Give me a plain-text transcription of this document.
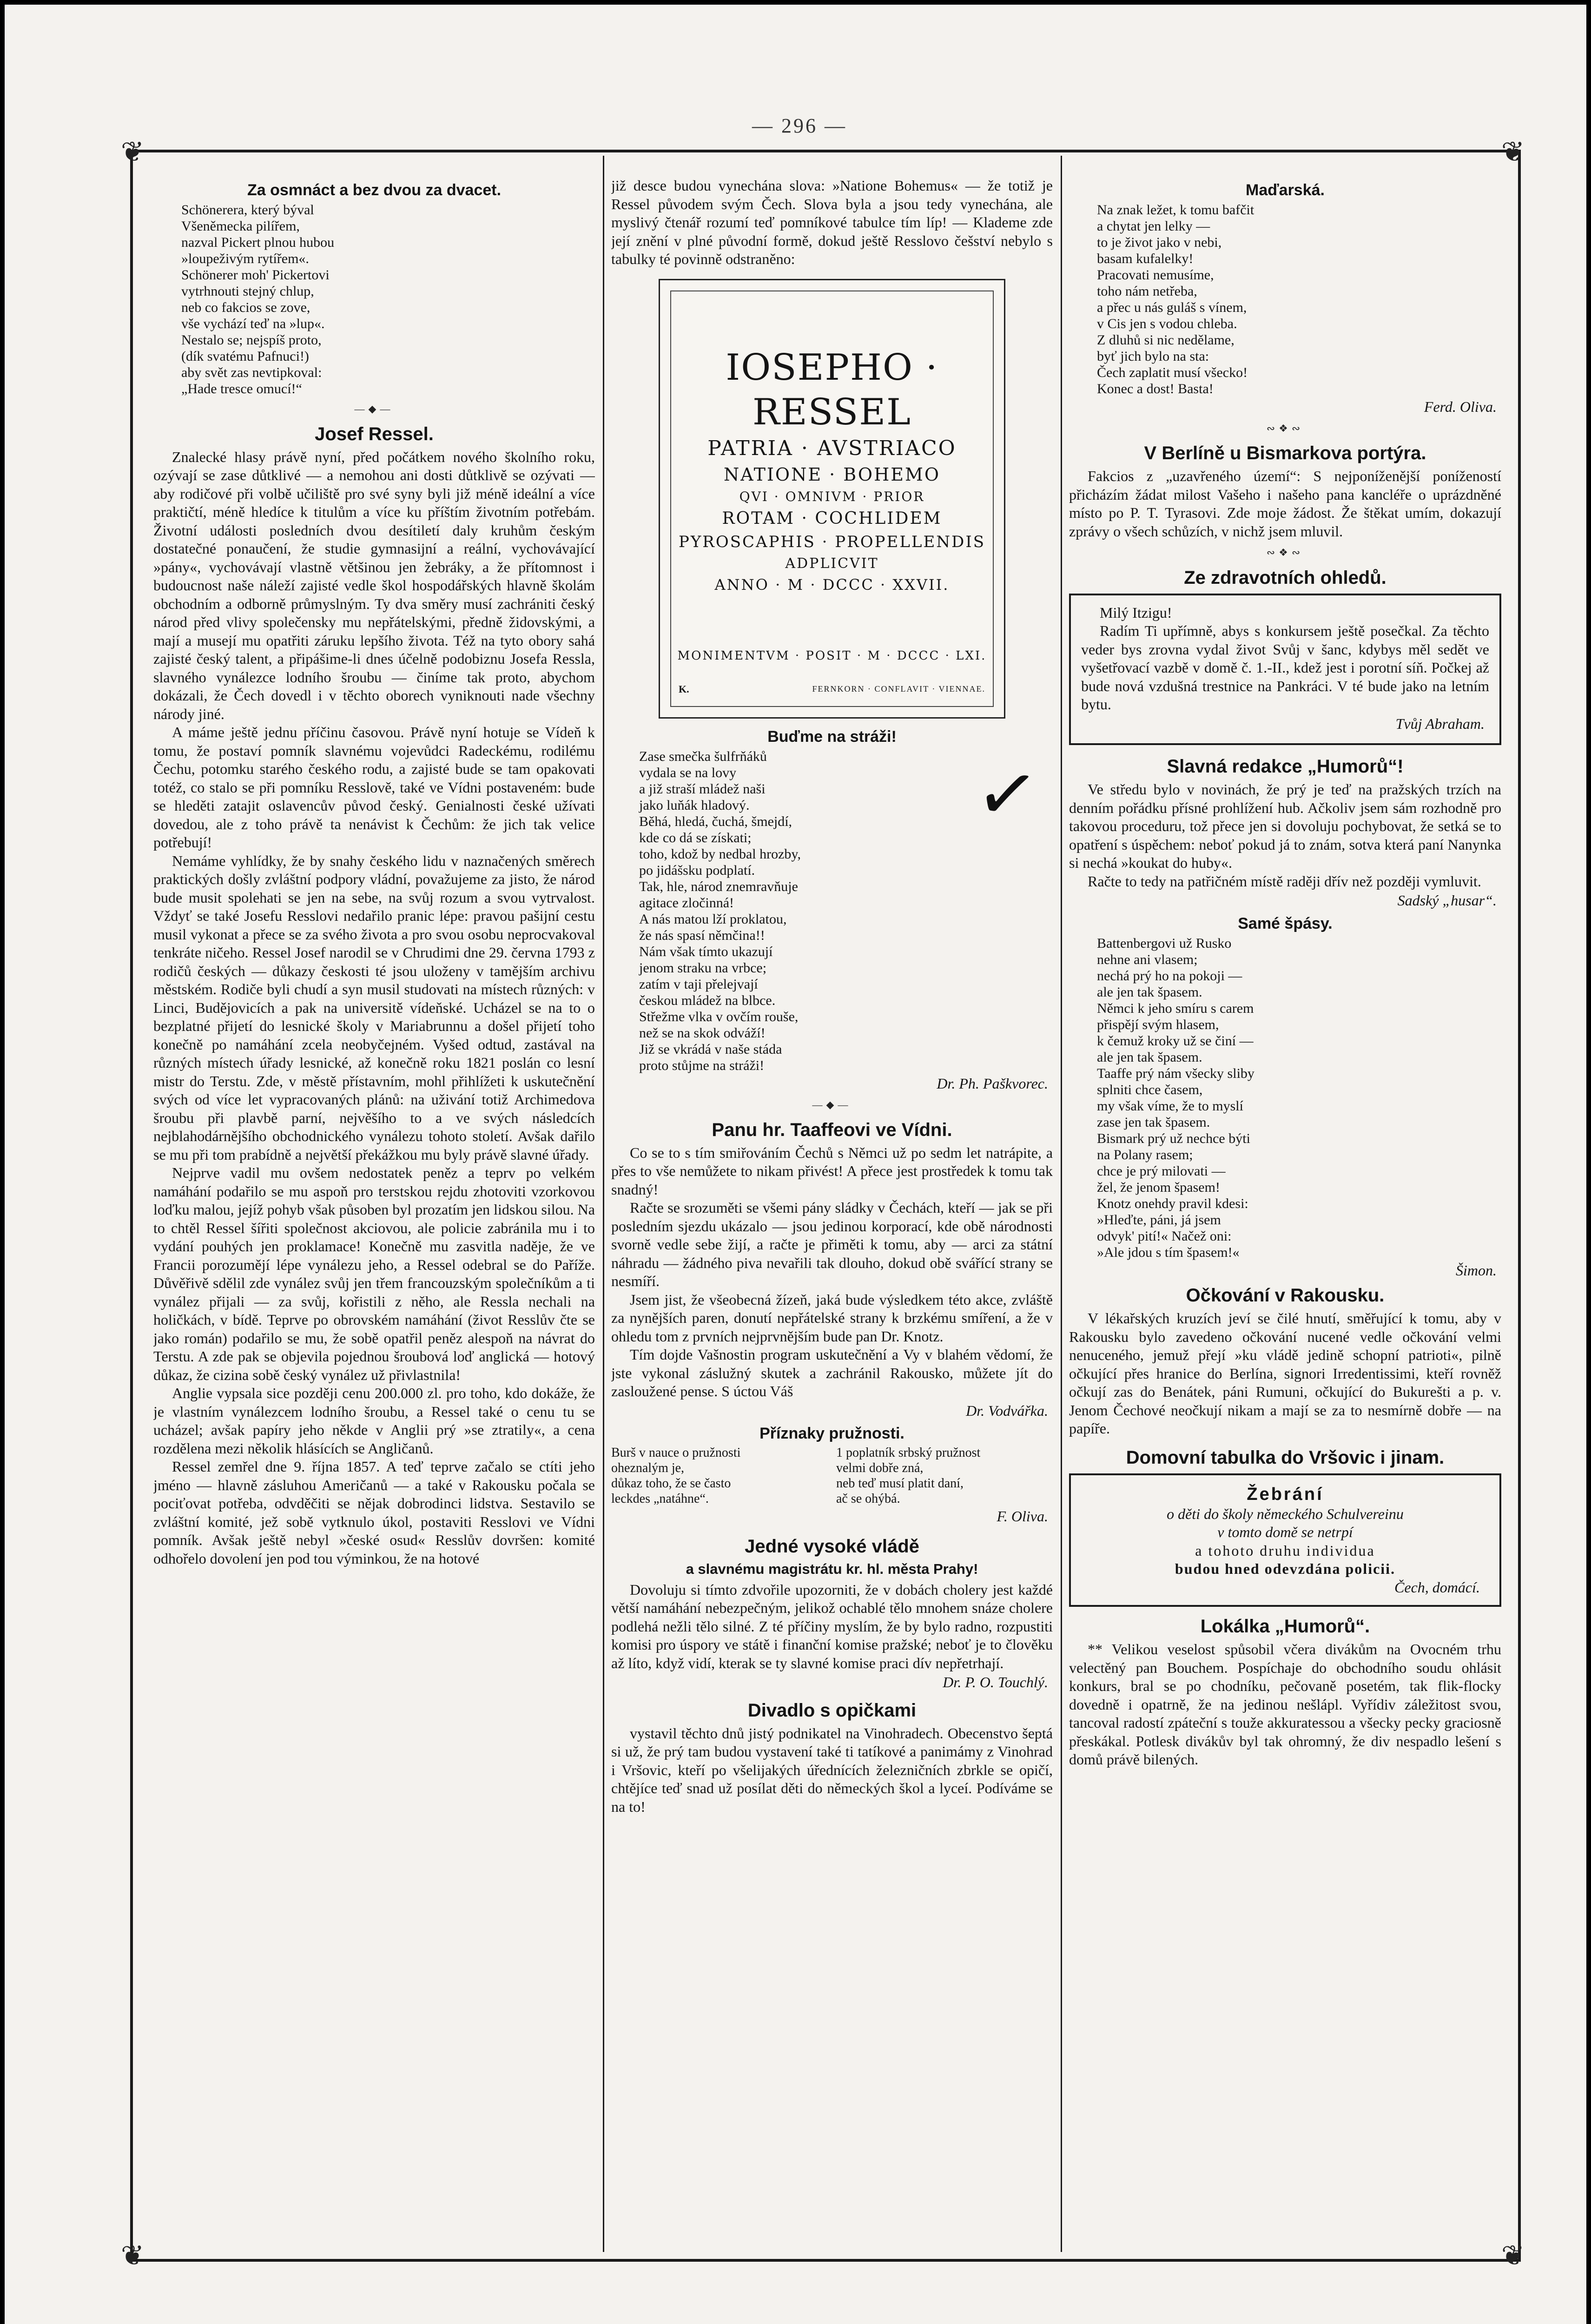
— 296 —
❦	❦
❦	❦
Za osmnáct a bez dvou za dvacet.
Schönerera, který býval
Všeněmecka pilířem,
nazval Pickert plnou hubou
»loupeživým rytířem«.
Schönerer moh' Pickertovi
vytrhnouti stejný chlup,
neb co fakcios se zove,
vše vychází teď na »lup«.
Nestalo se; nejspíš proto,
(dík svatému Pafnuci!)
aby svět zas nevtipkoval:
„Hade tresce omucí!“
—◆—
Josef Ressel.

Znalecké hlasy právě nyní, před počátkem nového školního roku, ozývají se zase důtklivé — a nemohou ani dosti důtklivě se ozývati — aby rodičové při volbě učiliště pro své syny byli již méně ideální a více praktičtí, méně hledíce k titulům a více ku příštím životním potřebám. Životní události posledních dvou desítiletí daly kruhům českým dostatečné ponaučení, že studie gymnasijní a reální, vychovávající »pány«, vychovávají vlastně většinou jen žebráky, a že přítomnost i budoucnost naše náleží zajisté vedle škol hospodářských hlavně školám obchodním a odborně průmyslným. Ty dva směry musí zachrániti český národ před vlivy společensky mu nepřátelskými, předně židovskými, a mají a musejí mu opatřiti záruku lepšího života. Též na tyto obory sahá zajisté český talent, a připášime-li dnes účelně podobiznu Josefa Ressla, slavného vynálezce lodního šroubu — činíme tak proto, abychom dokázali, že Čech dovedl i v těchto oborech vyniknouti nade všechny národy jiné.

A máme ještě jednu příčinu časovou. Právě nyní hotuje se Vídeň k tomu, že postaví pomník slavnému vojevůdci Radeckému, rodilému Čechu, potomku starého českého rodu, a zajisté bude se tam opakovati totéž, co stalo se při pomníku Resslově, také ve Vídni postaveném: bude se hleděti zatajit oslavencův původ český. Genialnosti české užívati dovedou, ale z toho právě ta nenávist k Čechům: že jich tak velice potřebují!

Nemáme vyhlídky, že by snahy českého lidu v naznačených směrech praktických došly zvláštní podpory vládní, považujeme za jisto, že národ bude musit spolehati se jen na sebe, na svůj rozum a svou vytrvalost. Vždyť se také Josefu Resslovi nedařilo pranic lépe: pravou pašijní cestu musil vykonat a přece se za svého života a pro svou osobu neprocvakoval tenkráte ničeho. Ressel Josef narodil se v Chrudimi dne 29. června 1793 z rodičů českých — důkazy českosti té jsou uloženy v tamějším archivu městském. Rodiče byli chudí a syn musil studovati na místech různých: v Linci, Budějovicích a pak na universitě vídeňské. Ucházel se na to o bezplatné přijetí do lesnické školy v Mariabrunnu a došel přijetí toho konečně po namáhání zcela neobyčejném. Vyšed odtud, zastával na různých místech úřady lesnické, až konečně roku 1821 poslán co lesní mistr do Terstu. Zde, v městě přístavním, mohl přihlížeti k uskutečnění svých od více let vypracovaných plánů: na uživání totiž Archimedova šroubu při plavbě parní, nejvěšího to a ve svých následcích nejblahodárnějšího obchodnického vynálezu tohoto století. Avšak dařilo se mu při tom prabídně a největší překážkou mu byly právě slavné úřady.

Nejprve vadil mu ovšem nedostatek peněz a teprv po velkém namáhání podařilo se mu aspoň pro terstskou rejdu zhotoviti vzorkovou loďku malou, jejíž pohyb však působen byl prozatím jen lidskou silou. Na to chtěl Ressel šířiti společnost akciovou, ale policie zabránila mu i to vydání pouhých jen proklamace! Konečně mu zasvitla naděje, že ve Francii porozumějí lépe vynálezu jeho, a Ressel odebral se do Paříže. Důvěřivě sdělil zde vynález svůj jen třem francouzským společníkům a ti vynález přijali — za svůj, kořistili z něho, ale Ressla nechali na holičkách, v bídě. Teprve po obrovském namáhání (život Resslův čte se jako román) podařilo se mu, že sobě opatřil peněz alespoň na návrat do Terstu. A zde pak se objevila pojednou šroubová loď anglická — hotový důkaz, že cizina sobě český vynález už přivlastnila!

Anglie vypsala sice později cenu 200.000 zl. pro toho, kdo dokáže, že je vlastním vynálezcem lodního šroubu, a Ressel také o cenu tu se ucházel; avšak papíry jeho někde v Anglii prý »se ztratily«, a cena rozdělena mezi několik hlásících se Angličanů.

Ressel zemřel dne 9. října 1857. A teď teprve začalo se ctíti jeho jméno — hlavně zásluhou Američanů — a také v Rakousku počala se pociťovat potřeba, odvděčiti se nějak dobrodinci lidstva. Sestavilo se zvláštní komité, jež sobě vytknulo úkol, postaviti Resslovi ve Vídni pomník. Avšak ještě nebyl »české osud« Resslův dovršen: komité odhořelo dovolení jen pod tou výminkou, že na hotové

již desce budou vynechána slova: »Natione Bohemus« — že totiž je Ressel původem svým Čech. Slova byla a jsou tedy vynechána, ale myslivý čtenář rozumí teď pomníkové tabulce tím líp! — Klademe zde její znění v plné původní formě, dokud ještě Resslovo češství nebylo s tabulky té povinně odstraněno:

IOSEPHO · RESSEL
PATRIA · AVSTRIACO
NATIONE · BOHEMO
QVI · OMNIVM · PRIOR
ROTAM · COCHLIDEM
PYROSCAPHIS · PROPELLENDIS
ADPLICVIT
ANNO · M · DCCC · XXVII.
MONIMENTVM · POSIT · M · DCCC · LXI.
K.	FERNKORN · CONFLAVIT · VIENNAE.
Buďme na stráži!
Zase smečka šulfrňáků
vydala se na lovy
a již straší mládež naši
jako luňák hladový.
Běhá, hledá, čuchá, šmejdí,
kde co dá se získati;
toho, kdož by nedbal hrozby,
po jidášsku podplatí.
Tak, hle, národ znemravňuje
agitace zločinná!
A nás matou lží proklatou,
že nás spasí němčina!!
Nám však tímto ukazují
jenom straku na vrbce;
zatím v taji přelejvají
českou mládež na blbce.
Střežme vlka v ovčím rouše,
než se na skok odváží!
Již se vkrádá v naše stáda
proto stůjme na stráži!
Dr. Ph. Paškvorec.
—◆—
Panu hr. Taaffeovi ve Vídni.

Co se to s tím smiřováním Čechů s Němci už po sedm let natrápite, a přes to vše nemůžete to nikam přivést! A přece jest prostředek k tomu tak snadný!

Račte se srozuměti se všemi pány sládky v Čechách, kteří — jak se při posledním sjezdu ukázalo — jsou jedinou korporací, kde obě národnosti svorně vedle sebe žijí, a račte je přiměti k tomu, aby — arci za státní náhradu — žádného piva nevařili tak dlouho, dokud obě svářící strany se nesmíří.

Jsem jist, že všeobecná žízeň, jaká bude výsledkem této akce, zvláště za nynějších paren, donutí nepřátelské strany k brzkému smíření, a že v ohledu tom z prvních nejprvnějším bude pan Dr. Knotz.

Tím dojde Vašnostin program uskutečnění a Vy v blahém vědomí, že jste vykonal záslužný skutek a zachránil Rakousko, můžete jít do zasloužené pense. S úctou Váš

Dr. Vodvářka.
Příznaky pružnosti.
Burš v nauce o pružnosti
oheznalým je,
důkaz toho, že se často
leckdes „natáhne“.
1 poplatník srbský pružnost
velmi dobře zná,
neb teď musí platit daní,
ač se ohýbá.
F. Oliva.
Jedné vysoké vládě
a slavnému magistrátu kr. hl. města Prahy!

Dovoluju si tímto zdvořile upozorniti, že v dobách cholery jest každé větší namáhání nebezpečným, jelikož ochablé tělo mnohem snáze cholere podlehá nežli tělo silné. Z té příčiny myslím, že by bylo radno, rozpustiti komisi pro úspory ve státě i finanční komise pražské; neboť je to člověku až líto, když vidí, kterak se ty slavné komise praci dív nepřetrhají.

Dr. P. O. Touchlý.
Divadlo s opičkami

vystavil těchto dnů jistý podnikatel na Vinohradech. Obecenstvo šeptá si už, že prý tam budou vystavení také ti tatíkové a panimámy z Vinohrad i Vršovic, kteří po všelijakých úřednících železničních zbrkle se opičí, chtějíce teď snad už posílat děti do německých škol a lyceí. Podíváme se na to!

✓
Maďarská.
Na znak ležet, k tomu bafčit
a chytat jen lelky —
to je život jako v nebi,
basam kufalelky!
Pracovati nemusíme,
toho nám netřeba,
a přec u nás guláš s vínem,
v Cis jen s vodou chleba.
Z dluhů si nic nedělame,
byť jich bylo na sta:
Čech zaplatit musí všecko!
Konec a dost! Basta!
Ferd. Oliva.
∾❖∾
V Berlíně u Bismarkova portýra.

Fakcios z „uzavřeného území“: S nejponíženější ponížeností přicházím žádat milost Vašeho i našeho pana kancléře o uprázdněné místo po P. T. Tyrasovi. Zde moje žádost. Že štěkat umím, dokazují zprávy o všech schůzích, v nichž jsem mluvil.

∾❖∾
Ze zdravotních ohledů.

Milý Itzigu!

Radím Ti upřímně, abys s konkursem ještě posečkal. Za těchto veder bys zrovna vydal život Svůj v šanc, kdybys měl sedět ve vyšetřovací vazbě v domě č. 1.-II., kdež jest i porotní síň. Počkej až bude nová vzdušná trestnice na Pankráci. V té bude jako na letním bytu.

Tvůj Abraham.
Slavná redakce „Humorů“!

Ve středu bylo v novinách, že prý je teď na pražských trzích na denním pořádku přísné prohlížení hub. Ačkoliv jsem sám rozhodně pro takovou proceduru, tož přece jen si dovoluju pochybovat, že setká se to opatření s úspěchem: neboť pokud já to znám, sotva která paní Nanynka si nechá »koukat do huby«.

Račte to tedy na patřičném místě raději dřív než později vymluvit.

Sadský „husar“.
Samé špásy.
Battenbergovi už Rusko
nehne ani vlasem;
nechá prý ho na pokoji —
ale jen tak špasem.
Němci k jeho smíru s carem
přispějí svým hlasem,
k čemuž kroky už se činí —
ale jen tak špasem.
Taaffe prý nám všecky sliby
splniti chce časem,
my však víme, že to myslí
zase jen tak špasem.
Bismark prý už nechce býti
na Polany rasem;
chce je prý milovati —
žel, že jenom špasem!
Knotz onehdy pravil kdesi:
»Hleďte, páni, já jsem
odvyk' pití!« Načež oni:
»Ale jdou s tím špasem!«
Šimon.
Očkování v Rakousku.

V lékařských kruzích jeví se čilé hnutí, směřující k tomu, aby v Rakousku bylo zavedeno očkování nucené vedle očkování velmi nenuceného, jemuž přejí »ku vládě jedině schopní patrioti«, pilně očkující přes hranice do Berlína, signori Irredentissimi, kteří rovněž očkují zas do Benátek, páni Rumuni, očkující do Bukurešti a p. v. Jenom Čechové neočkují nikam a mají se za to nesmírně dobře — na papíře.

Domovní tabulka do Vršovic i jinam.
Žebrání
o děti do školy německého Schulvereinu
v tomto domě se netrpí
a tohoto druhu individua
budou hned odevzdána policii.
Čech, domácí.
Lokálka „Humorů“.

** Velikou veselost spůsobil včera divákům na Ovocném trhu velectěný pan Bouchem. Pospíchaje do obchodního soudu ohlásit konkurs, bral se po chodníku, pečovaně posetém, tak flik-flocky dovedně i opatrně, že na jedinou nešlápl. Vyřídiv záležitost svou, tancoval radostí zpáteční s touže akkuratessou a všecky pecky graciosně přeskákal. Potlesk divákův byl tak ohromný, že div nespadlo lešení s domů právě bilených.
